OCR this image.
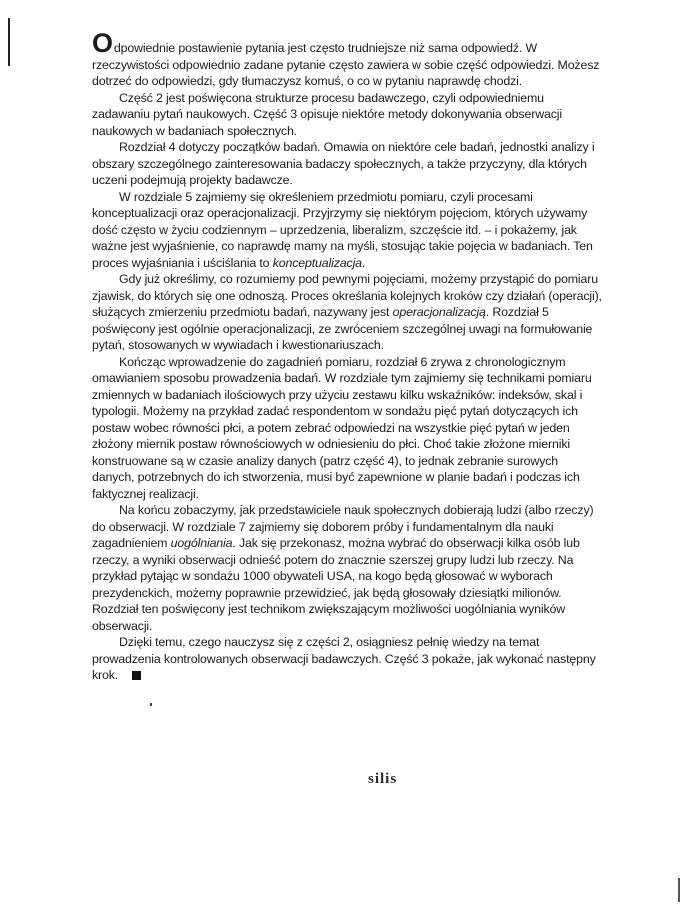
Odpowiednie postawienie pytania jest często trudniejsze niż sama odpowiedź. W rzeczywistości odpowiednio zadane pytanie często zawiera w sobie część odpowiedzi. Możesz dotrzeć do odpowiedzi, gdy tłumaczysz komuś, o co w pytaniu naprawdę chodzi.

Część 2 jest poświęcona strukturze procesu badawczego, czyli odpowiedniemu zadawaniu pytań naukowych. Część 3 opisuje niektóre metody dokonywania obserwacji naukowych w badaniach społecznych.

Rozdział 4 dotyczy początków badań. Omawia on niektóre cele badań, jednostki analizy i obszary szczególnego zainteresowania badaczy społecznych, a także przyczyny, dla których uczeni podejmują projekty badawcze.

W rozdziale 5 zajmiemy się określeniem przedmiotu pomiaru, czyli procesami konceptualizacji oraz operacjonalizacji. Przyjrzymy się niektórym pojęciom, których używamy dość często w życiu codziennym – uprzedzenia, liberalizm, szczęście itd. – i pokażemy, jak ważne jest wyjaśnienie, co naprawdę mamy na myśli, stosując takie pojęcia w badaniach. Ten proces wyjaśniania i uściślania to konceptualizacja.

Gdy już określimy, co rozumiemy pod pewnymi pojęciami, możemy przystąpić do pomiaru zjawisk, do których się one odnoszą. Proces określania kolejnych kroków czy działań (operacji), służących zmierzeniu przedmiotu badań, nazywany jest operacjonalizacją. Rozdział 5 poświęcony jest ogólnie operacjonalizacji, ze zwróceniem szczególnej uwagi na formułowanie pytań, stosowanych w wywiadach i kwestionariuszach.

Kończąc wprowadzenie do zagadnień pomiaru, rozdział 6 zrywa z chronologicznym omawianiem sposobu prowadzenia badań. W rozdziale tym zajmiemy się technikami pomiaru zmiennych w badaniach ilościowych przy użyciu zestawu kilku wskaźników: indeksów, skal i typologii. Możemy na przykład zadać respondentom w sondażu pięć pytań dotyczących ich postaw wobec równości płci, a potem zebrać odpowiedzi na wszystkie pięć pytań w jeden złożony miernik postaw równościowych w odniesieniu do płci. Choć takie złożone mierniki konstruowane są w czasie analizy danych (patrz część 4), to jednak zebranie surowych danych, potrzebnych do ich stworzenia, musi być zapewnione w planie badań i podczas ich faktycznej realizacji.

Na końcu zobaczymy, jak przedstawiciele nauk społecznych dobierają ludzi (albo rzeczy) do obserwacji. W rozdziale 7 zajmiemy się doborem próby i fundamentalnym dla nauki zagadnieniem uogólniania. Jak się przekonasz, można wybrać do obserwacji kilka osób lub rzeczy, a wyniki obserwacji odnieść potem do znacznie szerszej grupy ludzi lub rzeczy. Na przykład pytając w sondażu 1000 obywateli USA, na kogo będą głosować w wyborach prezydenckich, możemy poprawnie przewidzieć, jak będą głosowały dziesiątki milionów. Rozdział ten poświęcony jest technikom zwiększającym możliwości uogólniania wyników obserwacji.

Dzięki temu, czego nauczysz się z części 2, osiągniesz pełnię wiedzy na temat prowadzenia kontrolowanych obserwacji badawczych. Część 3 pokaże, jak wykonać następny krok.

silis
